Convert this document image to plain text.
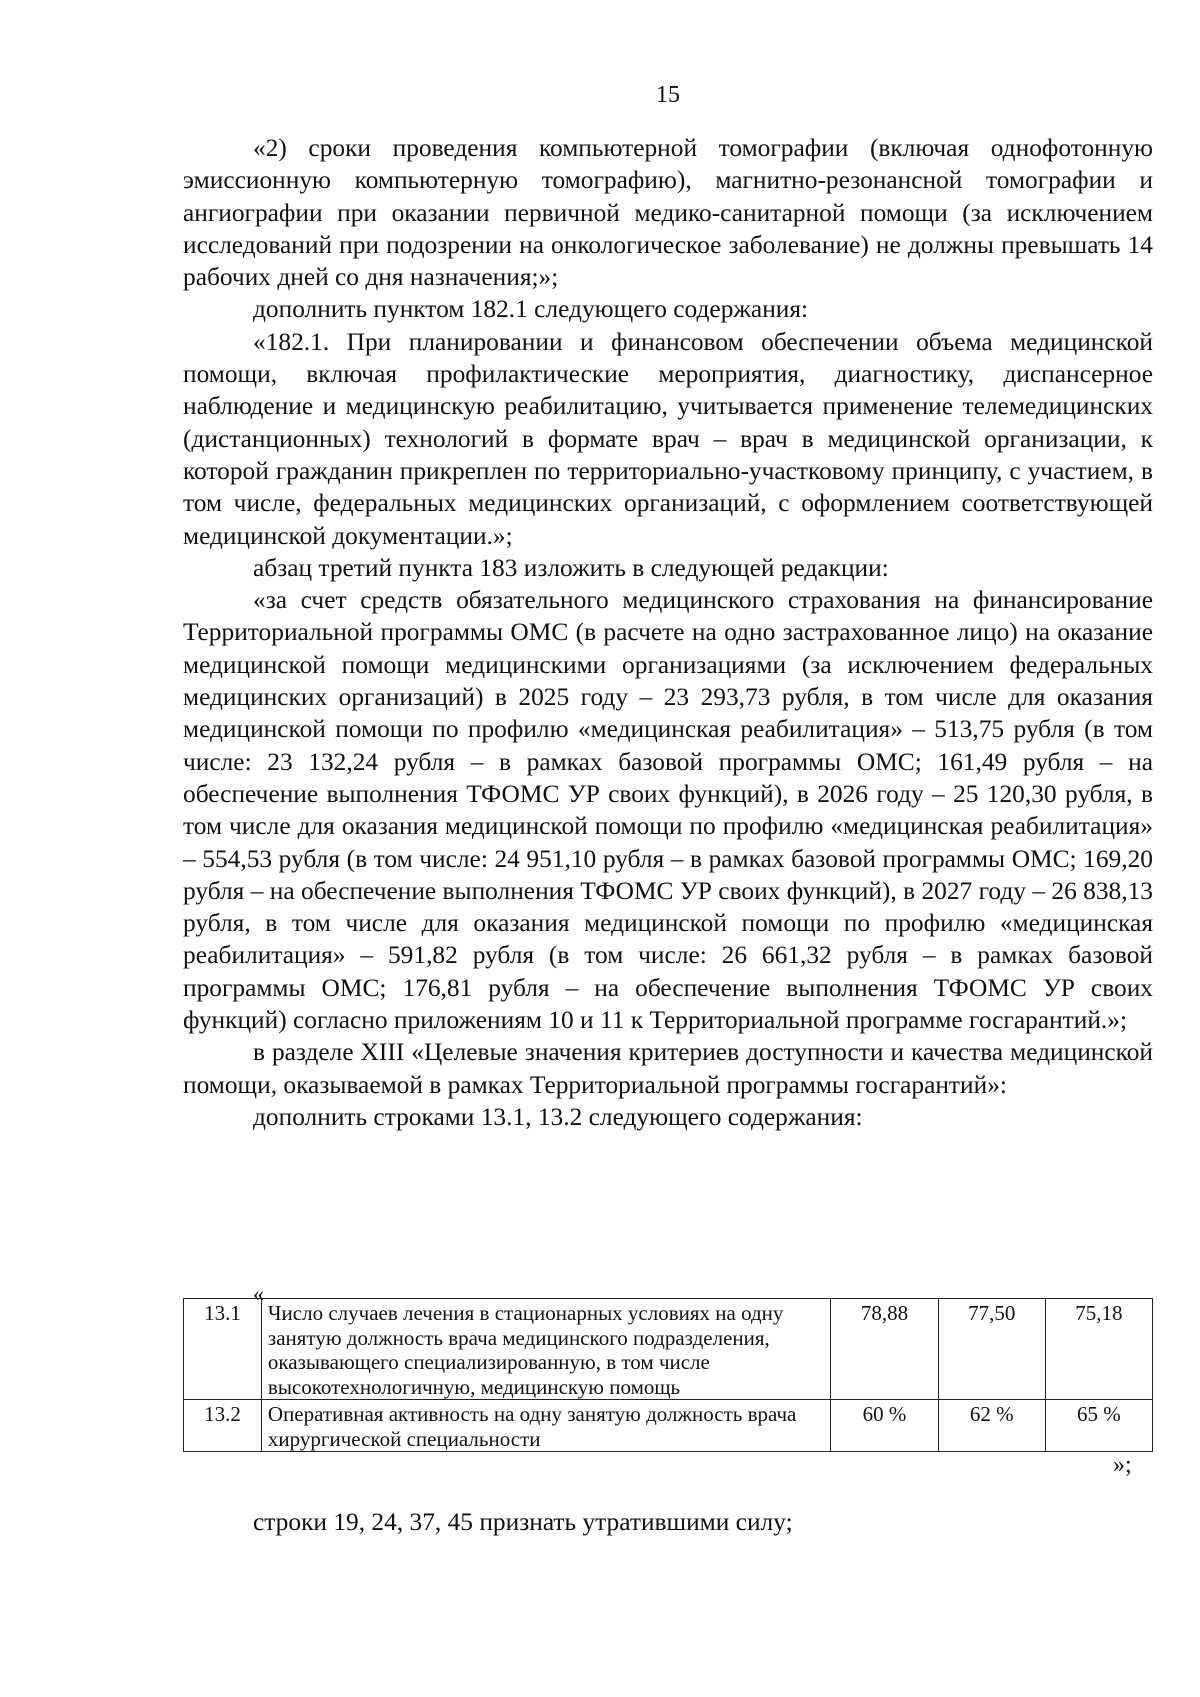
15

«2) сроки проведения компьютерной томографии (включая однофотонную эмиссионную компьютерную томографию), магнитно-резонансной томографии и ангиографии при оказании первичной медико-санитарной помощи (за исключением исследований при подозрении на онкологическое заболевание) не должны превышать 14 рабочих дней со дня назначения;»;

дополнить пунктом 182.1 следующего содержания:

«182.1. При планировании и финансовом обеспечении объема медицинской помощи, включая профилактические мероприятия, диагностику, диспансерное наблюдение и медицинскую реабилитацию, учитывается применение телемедицинских (дистанционных) технологий в формате врач – врач в медицинской организации, к которой гражданин прикреплен по территориально-участковому принципу, с участием, в том числе, федеральных медицинских организаций, с оформлением соответствующей медицинской документации.»;

абзац третий пункта 183 изложить в следующей редакции:

«за счет средств обязательного медицинского страхования на финансирование Территориальной программы ОМС (в расчете на одно застрахованное лицо) на оказание медицинской помощи медицинскими организациями (за исключением федеральных медицинских организаций) в 2025 году – 23 293,73 рубля, в том числе для оказания медицинской помощи по профилю «медицинская реабилитация» – 513,75 рубля (в том числе: 23 132,24 рубля – в рамках базовой программы ОМС; 161,49 рубля – на обеспечение выполнения ТФОМС УР своих функций), в 2026 году – 25 120,30 рубля, в том числе для оказания медицинской помощи по профилю «медицинская реабилитация» – 554,53 рубля (в том числе: 24 951,10 рубля – в рамках базовой программы ОМС; 169,20 рубля – на обеспечение выполнения ТФОМС УР своих функций), в 2027 году – 26 838,13 рубля, в том числе для оказания медицинской помощи по профилю «медицинская реабилитация» – 591,82 рубля (в том числе: 26 661,32 рубля – в рамках базовой программы ОМС; 176,81 рубля – на обеспечение выполнения ТФОМС УР своих функций) согласно приложениям 10 и 11 к Территориальной программе госгарантий.»;

в разделе XIII «Целевые значения критериев доступности и качества медицинской помощи, оказываемой в рамках Территориальной программы госгарантий»:

дополнить строками 13.1, 13.2 следующего содержания:

«
13.1	Число случаев лечения в стационарных условиях на одну занятую должность врача медицинского подразделения, оказывающего специализированную, в том числе высокотехнологичную, медицинскую помощь	78,88	77,50	75,18
13.2	Оперативная активность на одну занятую должность врача хирургической специальности	60 %	62 %	65 %
»;
строки 19, 24, 37, 45 признать утратившими силу;
